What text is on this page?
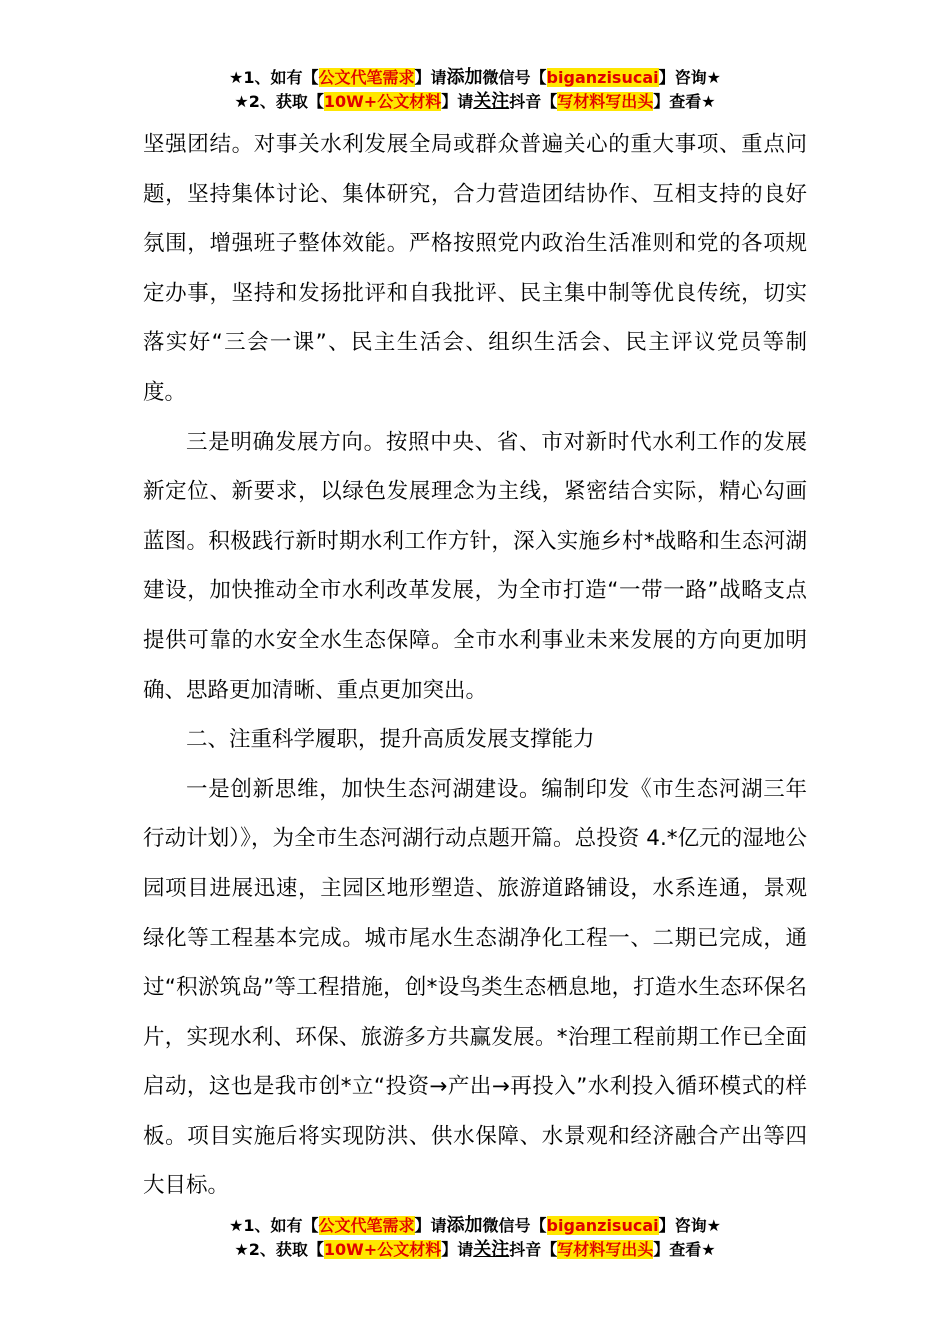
★1、如有【公文代笔需求】请添加微信号【biganzisucai】咨询★
★2、获取【10W+公文材料】请关注抖音【写材料写出头】查看★

坚强团结。对事关水利发展全局或群众普遍关心的重大事项、重点问题，坚持集体讨论、集体研究，合力营造团结协作、互相支持的良好氛围，增强班子整体效能。严格按照党内政治生活准则和党的各项规定办事，坚持和发扬批评和自我批评、民主集中制等优良传统，切实落实好“三会一课”、民主生活会、组织生活会、民主评议党员等制度。

三是明确发展方向。按照中央、省、市对新时代水利工作的发展新定位、新要求，以绿色发展理念为主线，紧密结合实际，精心勾画蓝图。积极践行新时期水利工作方针，深入实施乡村*战略和生态河湖建设，加快推动全市水利改革发展，为全市打造“一带一路”战略支点提供可靠的水安全水生态保障。全市水利事业未来发展的方向更加明确、思路更加清晰、重点更加突出。

二、注重科学履职，提升高质发展支撑能力

一是创新思维，加快生态河湖建设。编制印发《市生态河湖三年行动计划）》，为全市生态河湖行动点题开篇。总投资 4.*亿元的湿地公园项目进展迅速，主园区地形塑造、旅游道路铺设，水系连通，景观绿化等工程基本完成。城市尾水生态湖净化工程一、二期已完成，通过“积淤筑岛”等工程措施，创*设鸟类生态栖息地，打造水生态环保名片，实现水利、环保、旅游多方共赢发展。*治理工程前期工作已全面启动，这也是我市创*立“投资→产出→再投入”水利投入循环模式的样板。项目实施后将实现防洪、供水保障、水景观和经济融合产出等四大目标。

★1、如有【公文代笔需求】请添加微信号【biganzisucai】咨询★
★2、获取【10W+公文材料】请关注抖音【写材料写出头】查看★
